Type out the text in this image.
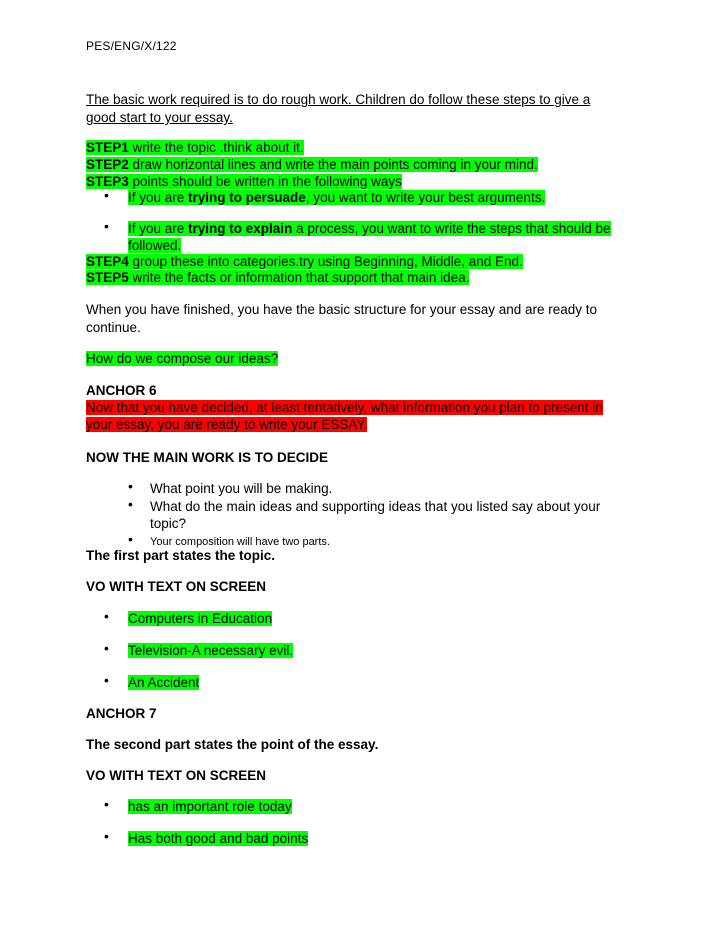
PES/ENG/X/122
The basic work required is to do rough work. Children do follow these steps to give a
good start to your essay.
STEP1 write the topic .think about it.
STEP2 draw horizontal lines and write the main points coming in your mind.
STEP3 points should be written in the following ways
• If you are trying to persuade, you want to write your best arguments.
• If you are trying to explain a process, you want to write the steps that should be
followed.
STEP4 group these into categories.try using Beginning, Middle, and End.
STEP5 write the facts or information that support that main idea.
When you have finished, you have the basic structure for your essay and are ready to
continue.
How do we compose our ideas?
ANCHOR 6
Now that you have decided, at least tentatively, what information you plan to present in
your essay, you are ready to write your ESSAY.
NOW THE MAIN WORK IS TO DECIDE
• What point you will be making.
• What do the main ideas and supporting ideas that you listed say about your
topic?
• Your composition will have two parts.
The first part states the topic.
VO WITH TEXT ON SCREEN
• Computers in Education
• Television-A necessary evil.
• An Accident
ANCHOR 7
The second part states the point of the essay.
VO WITH TEXT ON SCREEN
• has an important role today
• Has both good and bad points
